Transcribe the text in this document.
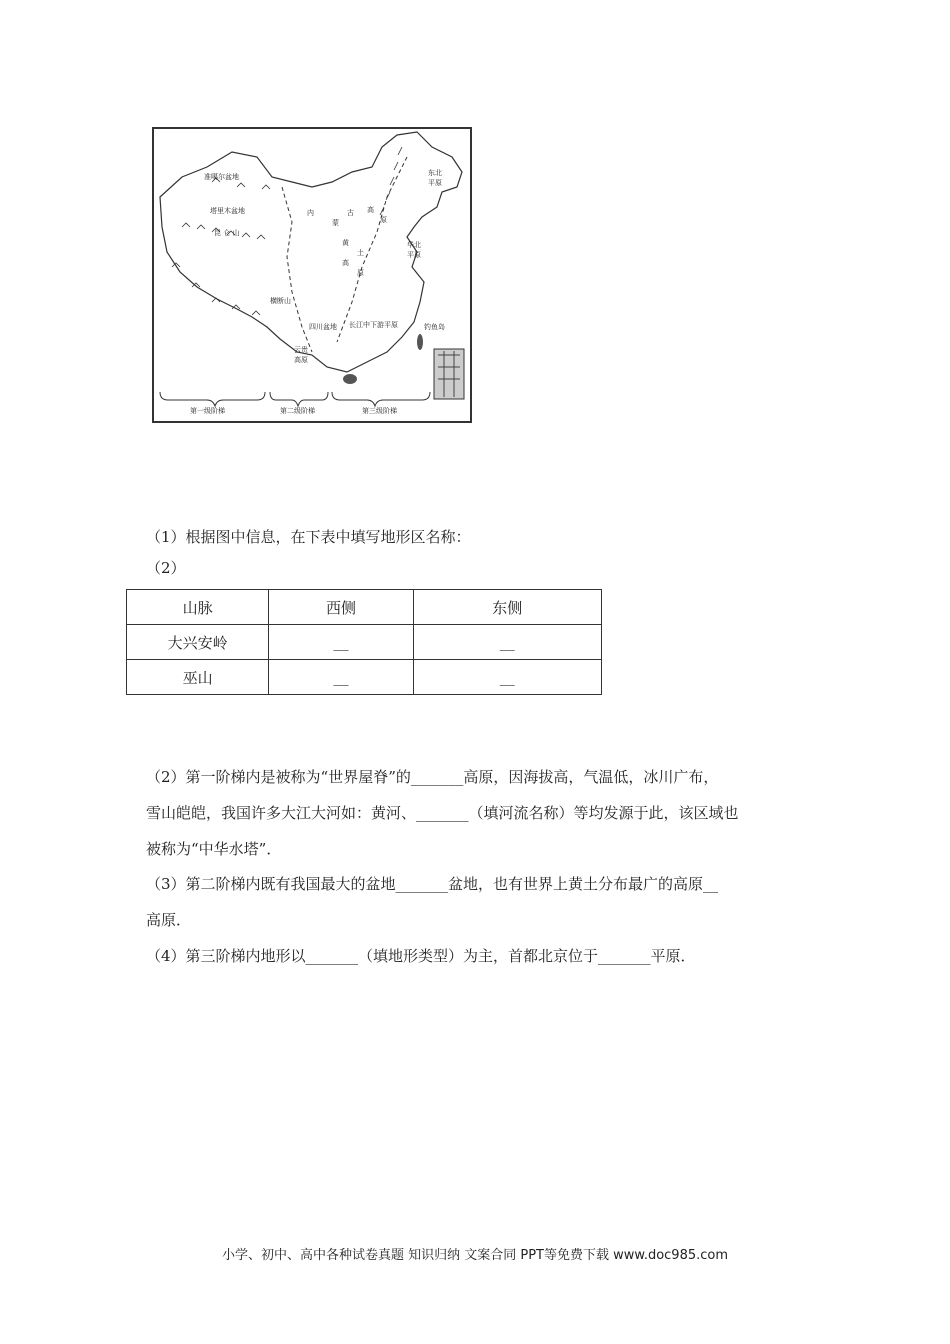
准噶尔盆地
塔里木盆地
昆 仑 山
内
蒙
古 高
原
黄
土
高
原
四川盆地 长江中下游平原
东北
平原
华北
平原
云贵
高原
钓鱼岛
横断山
第一级阶梯	第二级阶梯	第三级阶梯
（1）根据图中信息，在下表中填写地形区名称：
（2）
山脉	西侧	东侧
大兴安岭	__	__
巫山	__	__
（2）第一阶梯内是被称为“世界屋脊”的_______高原，因海拔高，气温低，冰川广布，
雪山皑皑，我国许多大江大河如：黄河、_______（填河流名称）等均发源于此，该区域也
被称为“中华水塔”．
（3）第二阶梯内既有我国最大的盆地_______盆地，也有世界上黄土分布最广的高原__
高原．
（4）第三阶梯内地形以_______（填地形类型）为主，首都北京位于_______平原．
小学、初中、高中各种试卷真题 知识归纳 文案合同 PPT等免费下载 www.doc985.com
